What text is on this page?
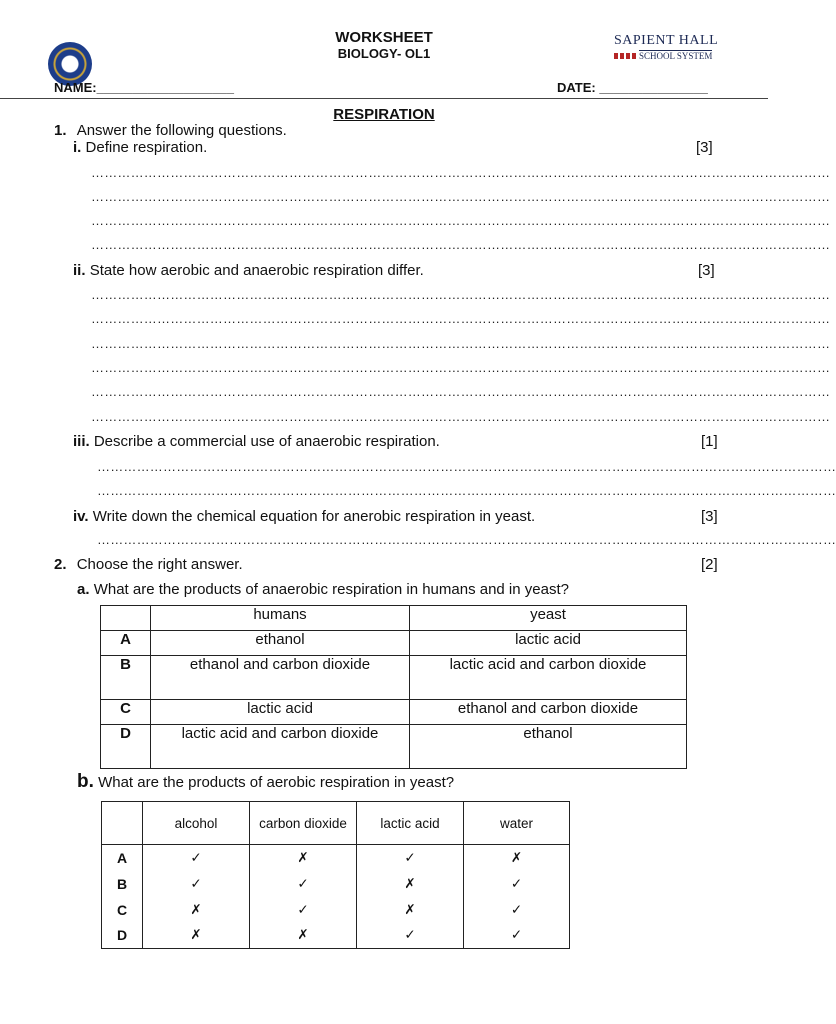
WORKSHEET
BIOLOGY- OL1
SAPIENT HALL
SCHOOL SYSTEM
NAME:___________________	DATE: _______________
RESPIRATION
1. Answer the following questions.
i. Define respiration.	[3]
……………………………………………………………………………………………………………………………………………………
……………………………………………………………………………………………………………………………………………………
……………………………………………………………………………………………………………………………………………………
……………………………………………………………………………………………………………………………………………………
ii. State how aerobic and anaerobic respiration differ.	[3]
……………………………………………………………………………………………………………………………………………………
……………………………………………………………………………………………………………………………………………………
……………………………………………………………………………………………………………………………………………………
……………………………………………………………………………………………………………………………………………………
……………………………………………………………………………………………………………………………………………………
……………………………………………………………………………………………………………………………………………………
iii. Describe a commercial use of anaerobic respiration.	[1]
……………………………………………………………………………………………………………………………………………………
……………………………………………………………………………………………………………………………………………………
iv. Write down the chemical equation for anerobic respiration in yeast.	[3]
……………………………………………………………………………………………………………………………………………………
2. Choose the right answer.	[2]
a. What are the products of anaerobic respiration in humans and in yeast?
	humans	yeast
A	ethanol	lactic acid
B	ethanol and carbon dioxide	lactic acid and carbon dioxide
C	lactic acid	ethanol and carbon dioxide
D	lactic acid and carbon dioxide	ethanol
b. What are the products of aerobic respiration in yeast?
	alcohol	carbon dioxide	lactic acid	water
A	✓	✗	✓	✗
B	✓	✓	✗	✓
C	✗	✓	✗	✓
D	✗	✗	✓	✓
